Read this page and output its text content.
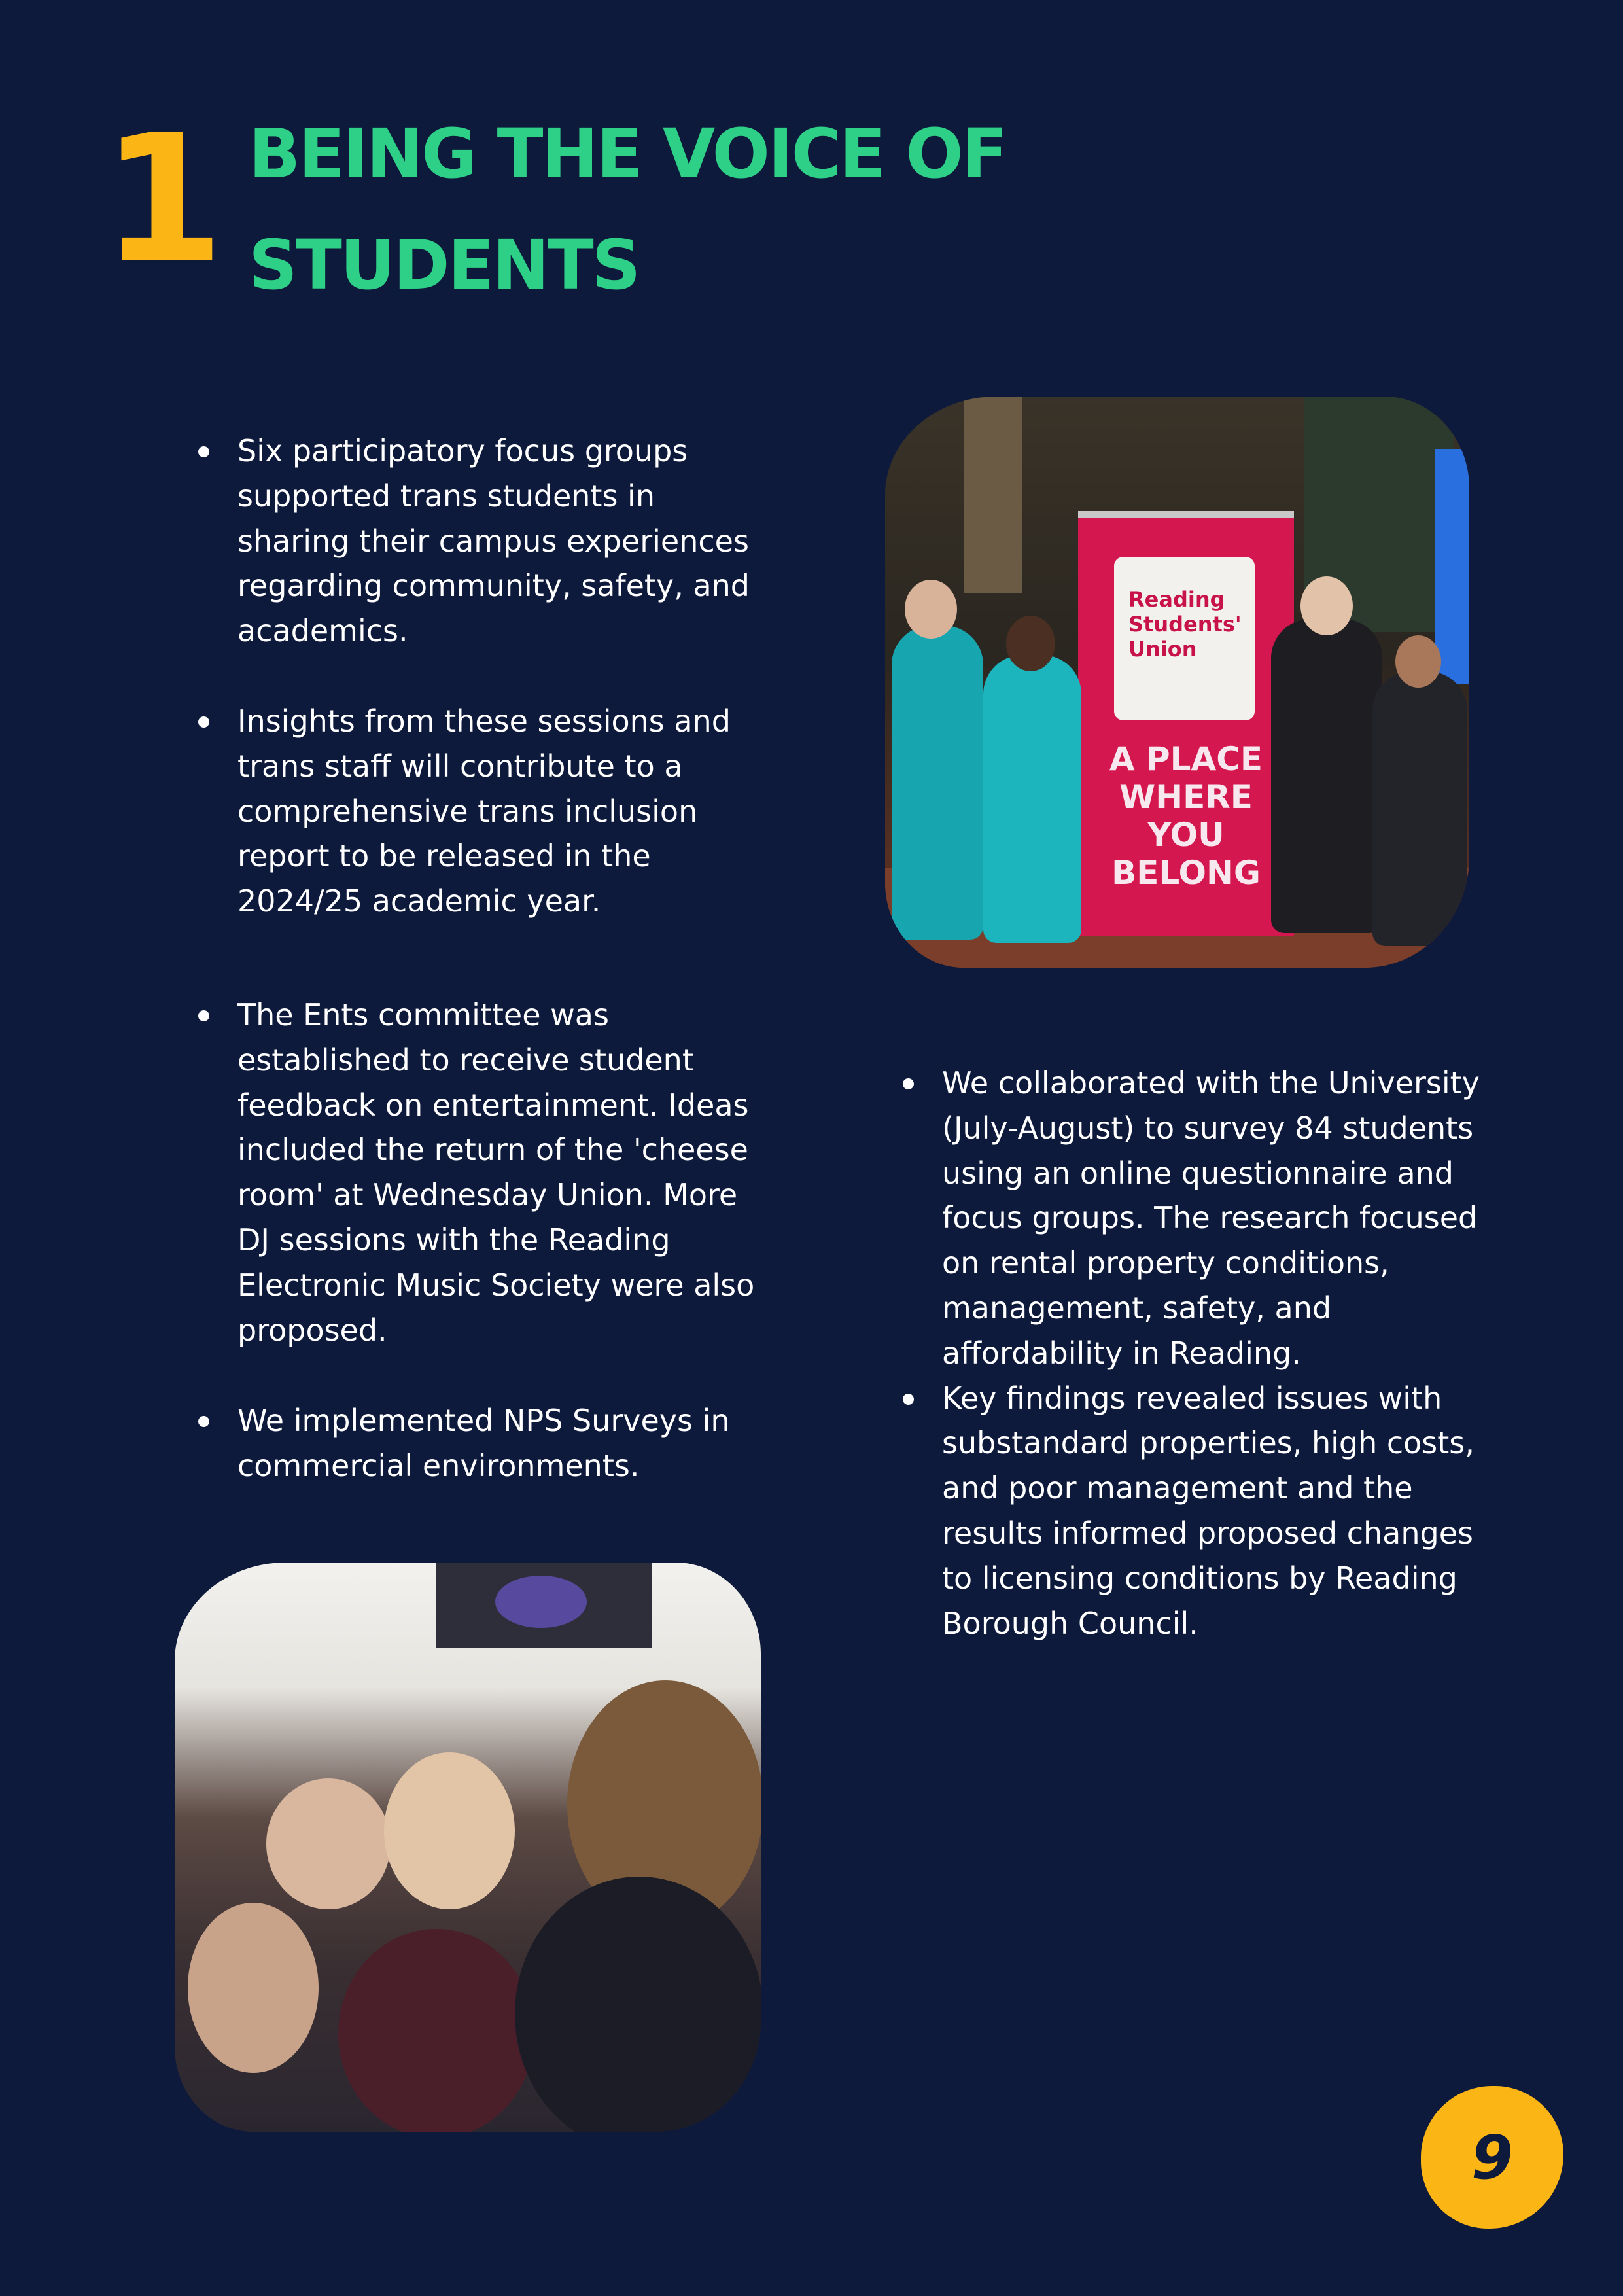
1 BEING THE VOICE OF STUDENTS
Six participatory focus groups supported trans students in sharing their campus experiences regarding community, safety, and academics.
Insights from these sessions and trans staff will contribute to a comprehensive trans inclusion report to be released in the 2024/25 academic year.
The Ents committee was established to receive student feedback on entertainment. Ideas included the return of the 'cheese room' at Wednesday Union. More DJ sessions with the Reading Electronic Music Society were also proposed.
We implemented NPS Surveys in commercial environments.
We collaborated with the University (July-August) to survey 84 students using an online questionnaire and focus groups. The research focused on rental property conditions, management, safety, and affordability in Reading.
Key findings revealed issues with substandard properties, high costs, and poor management and the results informed proposed changes to licensing conditions by Reading Borough Council.
Reading Students' Union
A PLACE WHERE YOU BELONG
9
